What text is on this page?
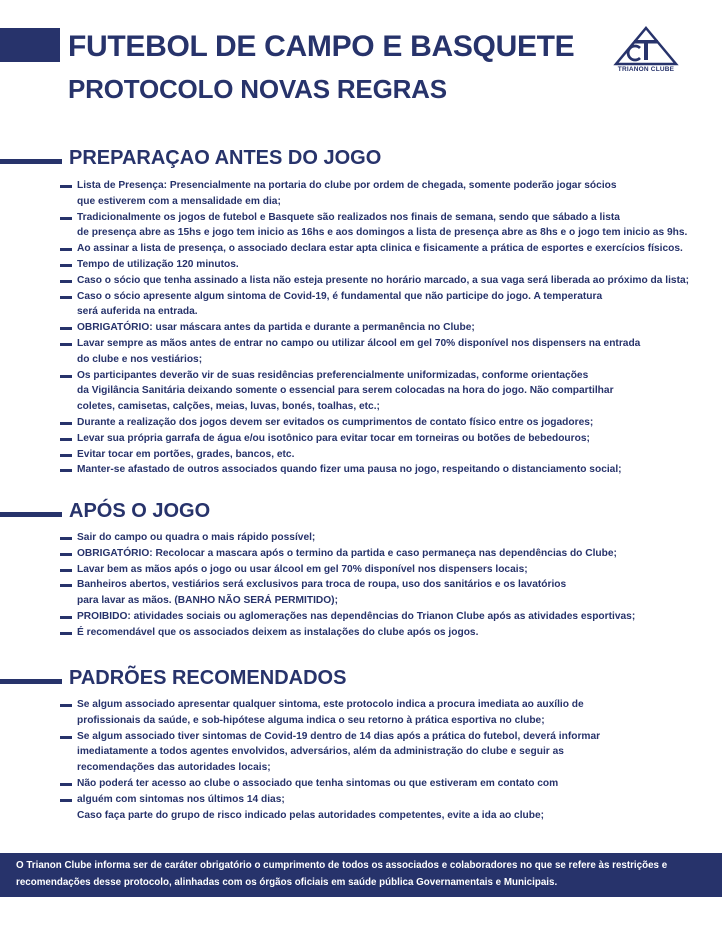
FUTEBOL DE CAMPO E BASQUETE
PROTOCOLO NOVAS REGRAS
TRIANON CLUBE
PREPARAÇAO ANTES DO JOGO
Lista de Presença: Presencialmente na portaria do clube por ordem de chegada, somente poderão jogar sócios
que estiverem com a mensalidade em dia;
Tradicionalmente os jogos de futebol e Basquete são realizados nos finais de semana, sendo que sábado a lista
de presença abre as 15hs e jogo tem inicio as 16hs e aos domingos a lista de presença abre as 8hs e o jogo tem inicio as 9hs.
Ao assinar a lista de presença, o associado declara estar apta clinica e fisicamente a prática de esportes e exercícios físicos.
Tempo de utilização 120 minutos.
Caso o sócio que tenha assinado a lista não esteja presente no horário marcado, a sua vaga será liberada ao próximo da lista;
Caso o sócio apresente algum sintoma de Covid-19, é fundamental que não participe do jogo. A temperatura
será auferida na entrada.
OBRIGATÓRIO: usar máscara antes da partida e durante a permanência no Clube;
Lavar sempre as mãos antes de entrar no campo ou utilizar álcool em gel 70% disponível nos dispensers na entrada
do clube e nos vestiários;
Os participantes deverão vir de suas residências preferencialmente uniformizadas, conforme orientações
da Vigilância Sanitária deixando somente o essencial para serem colocadas na hora do jogo. Não compartilhar
coletes, camisetas, calções, meias, luvas, bonés, toalhas, etc.;
Durante a realização dos jogos devem ser evitados os cumprimentos de contato físico entre os jogadores;
Levar sua própria garrafa de água e/ou isotônico para evitar tocar em torneiras ou botões de bebedouros;
Evitar tocar em portões, grades, bancos, etc.
Manter-se afastado de outros associados quando fizer uma pausa no jogo, respeitando o distanciamento social;
APÓS O JOGO
Sair do campo ou quadra o mais rápido possível;
OBRIGATÓRIO: Recolocar a mascara após o termino da partida e caso permaneça nas dependências do Clube;
Lavar bem as mãos após o jogo ou usar álcool em gel 70% disponível nos dispensers locais;
Banheiros abertos, vestiários será exclusivos para troca de roupa, uso dos sanitários e os lavatórios
para lavar as mãos. (BANHO NÃO SERÁ PERMITIDO);
PROIBIDO: atividades sociais ou aglomerações nas dependências do Trianon Clube após as atividades esportivas;
É recomendável que os associados deixem as instalações do clube após os jogos.
PADRÕES RECOMENDADOS
Se algum associado apresentar qualquer sintoma, este protocolo indica a procura imediata ao auxílio de
profissionais da saúde, e sob-hipótese alguma indica o seu retorno à prática esportiva no clube;
Se algum associado tiver sintomas de Covid-19 dentro de 14 dias após a prática do futebol, deverá informar
imediatamente a todos agentes envolvidos, adversários, além da administração do clube e seguir as
recomendações das autoridades locais;
Não poderá ter acesso ao clube o associado que tenha sintomas ou que estiveram em contato com
alguém com sintomas nos últimos 14 dias;
Caso faça parte do grupo de risco indicado pelas autoridades competentes, evite a ida ao clube;
O Trianon Clube informa ser de caráter obrigatório o cumprimento de todos os associados e colaboradores no que se refere às restrições e recomendações desse protocolo, alinhadas com os órgãos oficiais em saúde pública Governamentais e Municipais.
